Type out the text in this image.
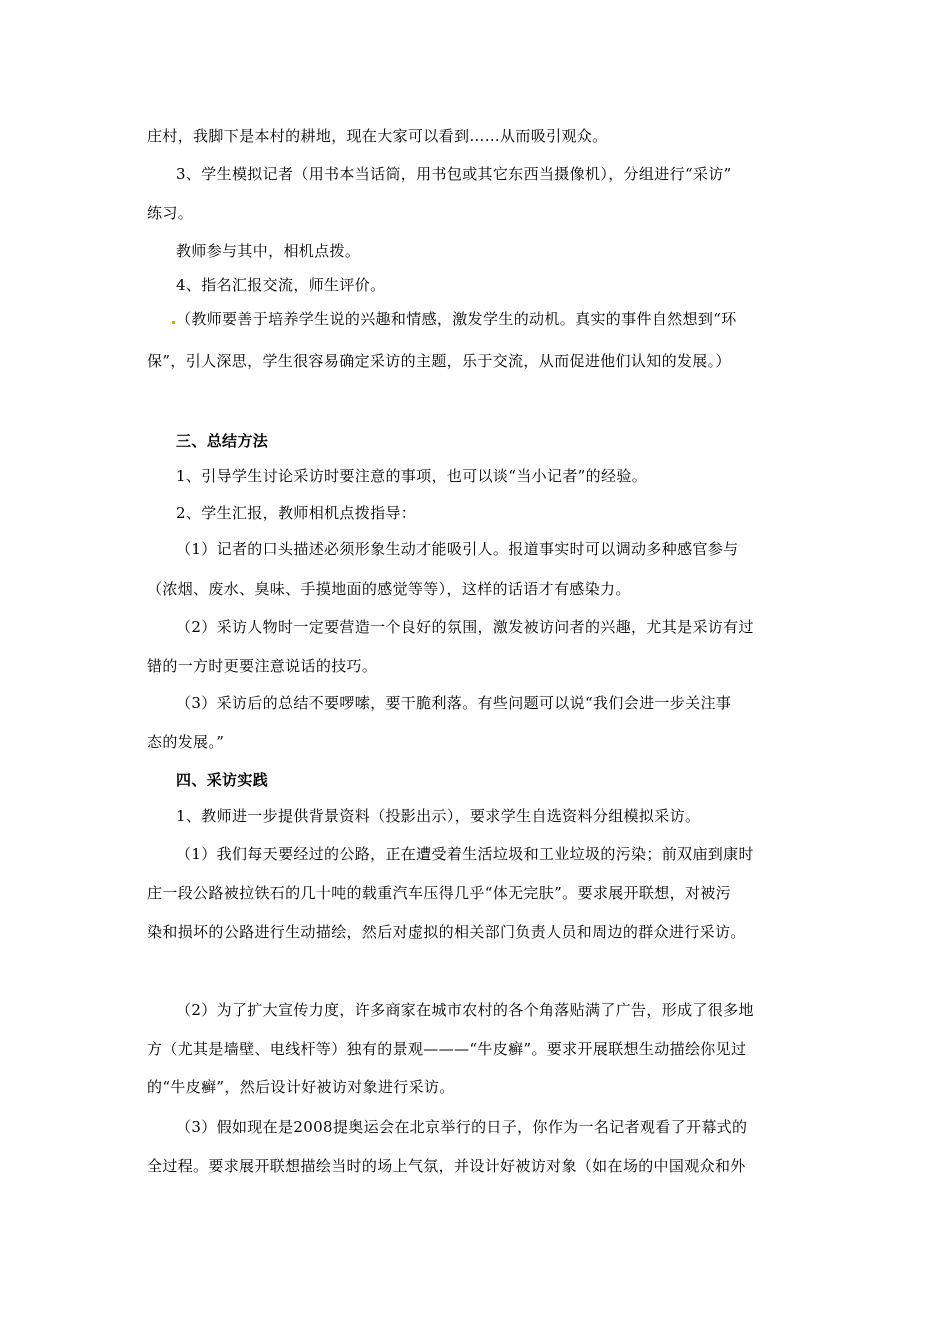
庄村，我脚下是本村的耕地，现在大家可以看到……从而吸引观众。
3、学生模拟记者（用书本当话筒，用书包或其它东西当摄像机），分组进行“采访”
练习。
教师参与其中，相机点拨。
4、指名汇报交流，师生评价。
（教师要善于培养学生说的兴趣和情感，激发学生的动机。真实的事件自然想到“环
保”，引人深思，学生很容易确定采访的主题，乐于交流，从而促进他们认知的发展。）
三、总结方法
1、引导学生讨论采访时要注意的事项，也可以谈“当小记者”的经验。
2、学生汇报，教师相机点拨指导：
（1）记者的口头描述必须形象生动才能吸引人。报道事实时可以调动多种感官参与
（浓烟、废水、臭味、手摸地面的感觉等等），这样的话语才有感染力。
（2）采访人物时一定要营造一个良好的氛围，激发被访问者的兴趣，尤其是采访有过
错的一方时更要注意说话的技巧。
（3）采访后的总结不要啰嗦，要干脆利落。有些问题可以说“我们会进一步关注事
态的发展。”
四、采访实践
1、教师进一步提供背景资料（投影出示），要求学生自选资料分组模拟采访。
（1）我们每天要经过的公路，正在遭受着生活垃圾和工业垃圾的污染；前双庙到康时
庄一段公路被拉铁石的几十吨的载重汽车压得几乎“体无完肤”。要求展开联想，对被污
染和损坏的公路进行生动描绘，然后对虚拟的相关部门负责人员和周边的群众进行采访。
（2）为了扩大宣传力度，许多商家在城市农村的各个角落贴满了广告，形成了很多地
方（尤其是墙壁、电线杆等）独有的景观———“牛皮癣”。要求开展联想生动描绘你见过
的“牛皮癣”，然后设计好被访对象进行采访。
（3）假如现在是2008提奥运会在北京举行的日子，你作为一名记者观看了开幕式的
全过程。要求展开联想描绘当时的场上气氛，并设计好被访对象（如在场的中国观众和外
